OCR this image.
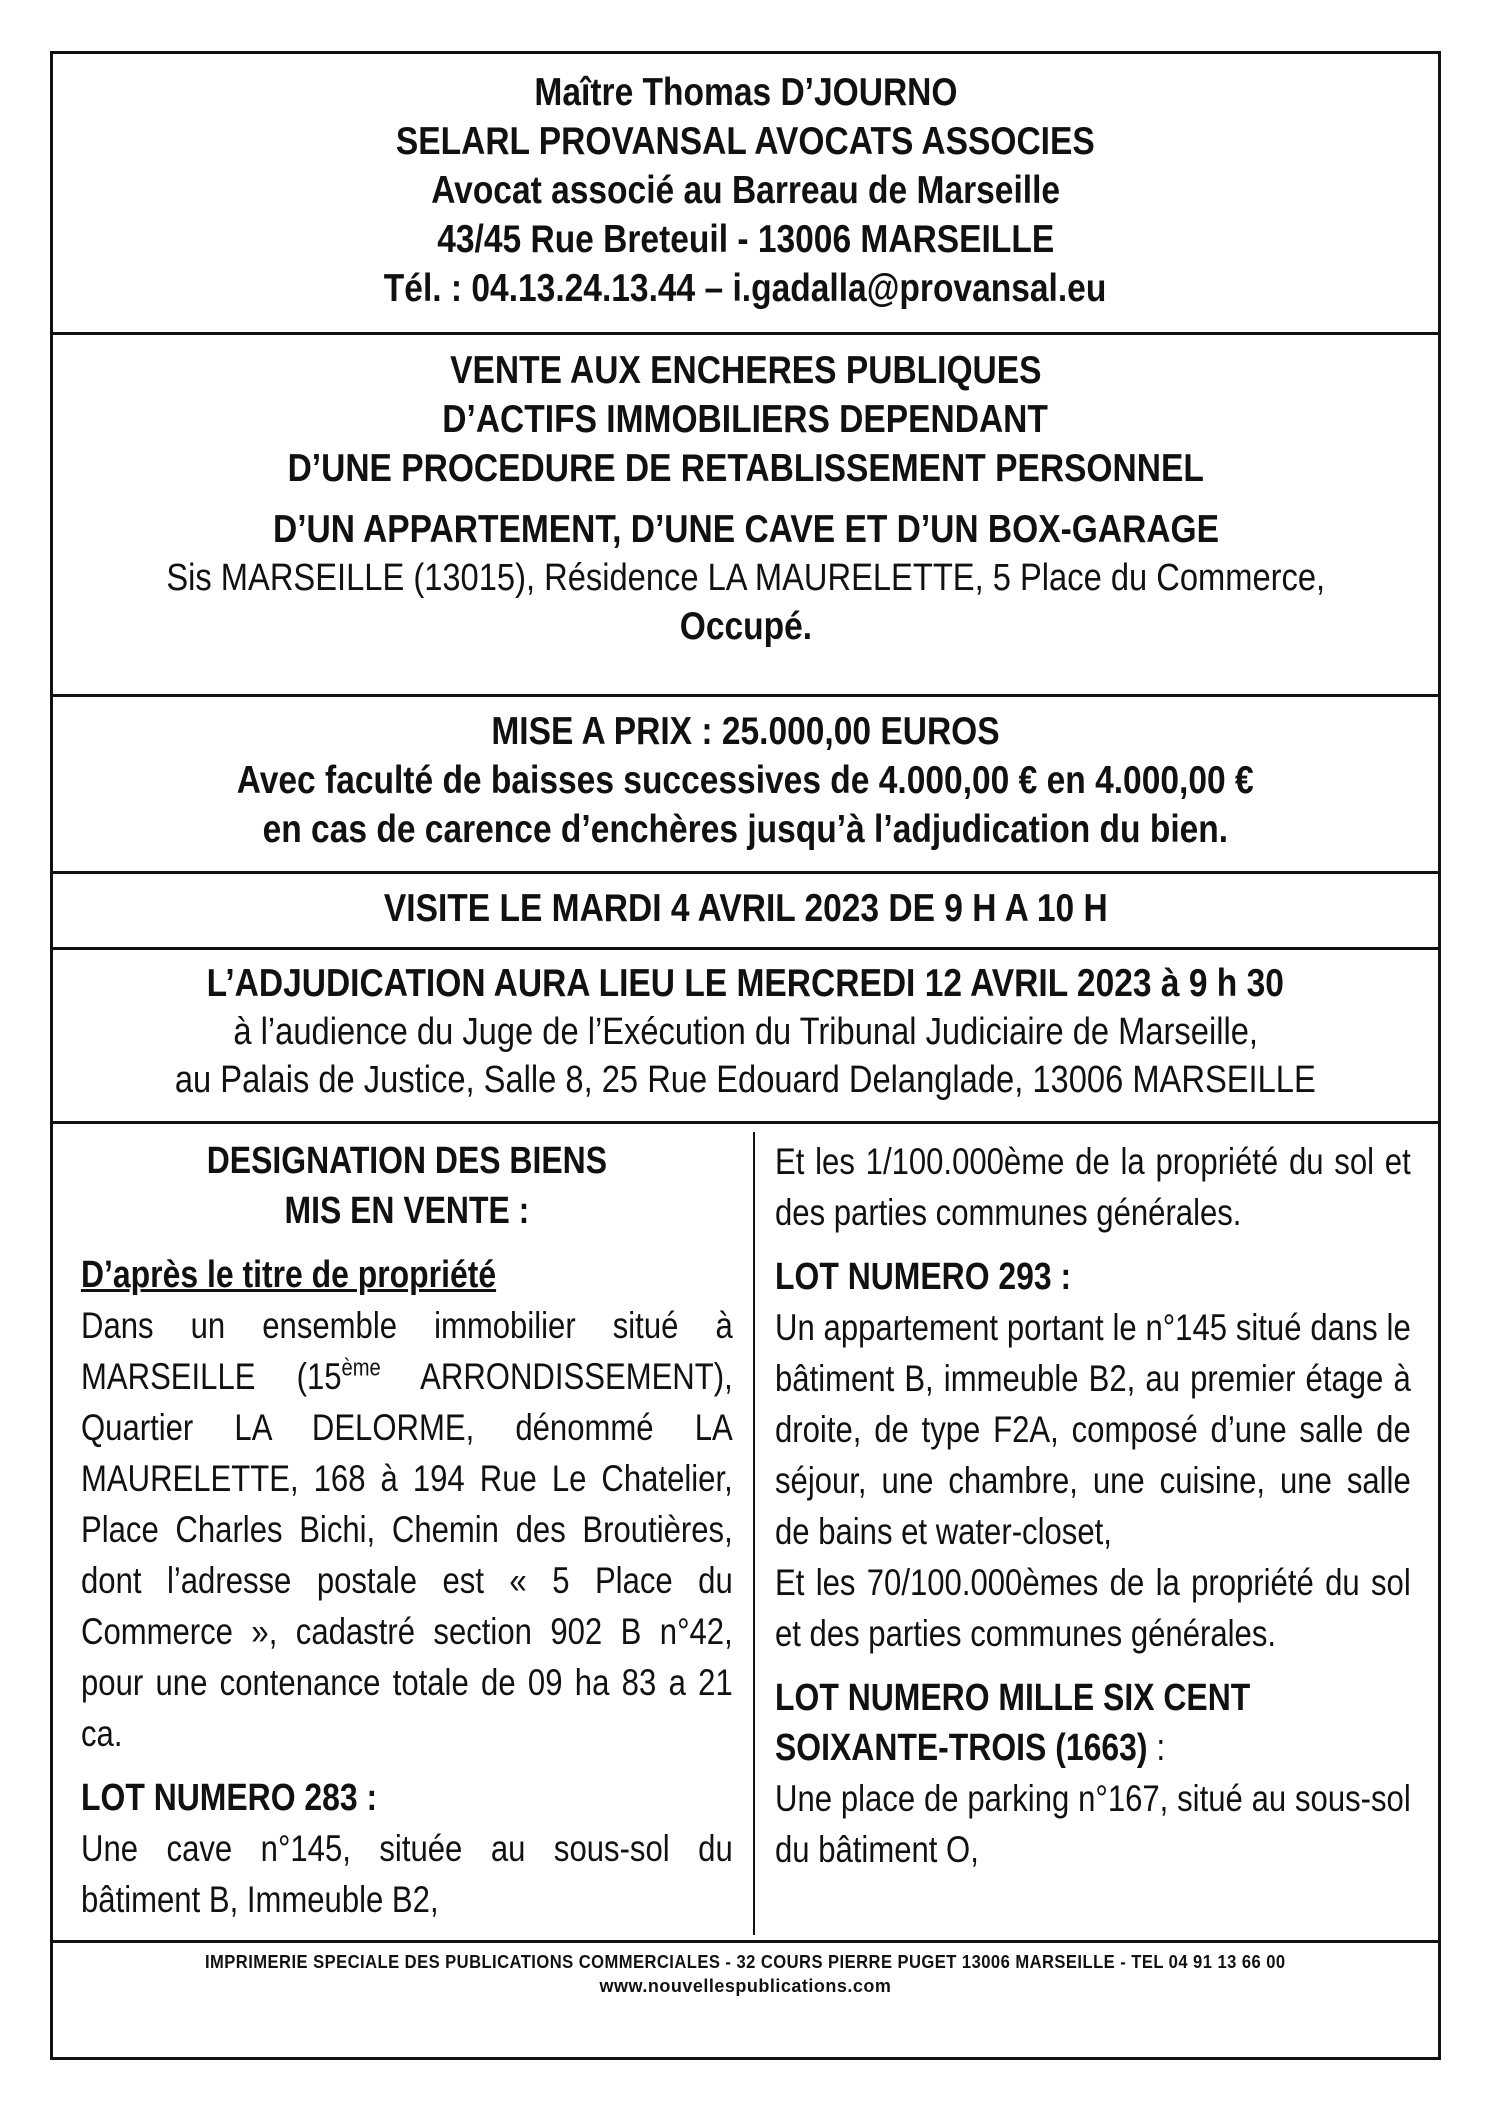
Maître Thomas D’JOURNO
SELARL PROVANSAL AVOCATS ASSOCIES
Avocat associé au Barreau de Marseille
43/45 Rue Breteuil - 13006 MARSEILLE
Tél. : 04.13.24.13.44 – i.gadalla@provansal.eu
VENTE AUX ENCHERES PUBLIQUES
D’ACTIFS IMMOBILIERS DEPENDANT
D’UNE PROCEDURE DE RETABLISSEMENT PERSONNEL
D’UN APPARTEMENT, D’UNE CAVE ET D’UN BOX-GARAGE
Sis MARSEILLE (13015), Résidence LA MAURELETTE, 5 Place du Commerce,
Occupé.
MISE A PRIX : 25.000,00 EUROS
Avec faculté de baisses successives de 4.000,00 € en 4.000,00 €
en cas de carence d’enchères jusqu’à l’adjudication du bien.
VISITE LE MARDI 4 AVRIL 2023 DE 9 H A 10 H
L’ADJUDICATION AURA LIEU LE MERCREDI 12 AVRIL 2023 à 9 h 30
à l’audience du Juge de l’Exécution du Tribunal Judiciaire de Marseille,
au Palais de Justice, Salle 8, 25 Rue Edouard Delanglade, 13006 MARSEILLE
DESIGNATION DES BIENS
MIS EN VENTE :
D’après le titre de propriété

Dans un ensemble immobilier situé à MARSEILLE (15ème ARRONDISSEMENT), Quartier LA DELORME, dénommé LA MAURELETTE, 168 à 194 Rue Le Chatelier, Place Charles Bichi, Chemin des Broutières, dont l’adresse postale est « 5 Place du Commerce », cadastré section 902 B n°42, pour une contenance totale de 09 ha 83 a 21 ca.

LOT NUMERO 283 :

Une cave n°145, située au sous-sol du bâtiment B, Immeuble B2,

Et les 1/100.000ème de la propriété du sol et des parties communes générales.

LOT NUMERO 293 :

Un appartement portant le n°145 situé dans le bâtiment B, immeuble B2, au premier étage à droite, de type F2A, composé d’une salle de séjour, une chambre, une cuisine, une salle de bains et water-closet,

Et les 70/100.000èmes de la propriété du sol et des parties communes générales.

LOT NUMERO MILLE SIX CENT SOIXANTE-TROIS (1663) :

Une place de parking n°167, situé au sous-sol du bâtiment O,

IMPRIMERIE SPECIALE DES PUBLICATIONS COMMERCIALES - 32 COURS PIERRE PUGET 13006 MARSEILLE - TEL 04 91 13 66 00
www.nouvellespublications.com
